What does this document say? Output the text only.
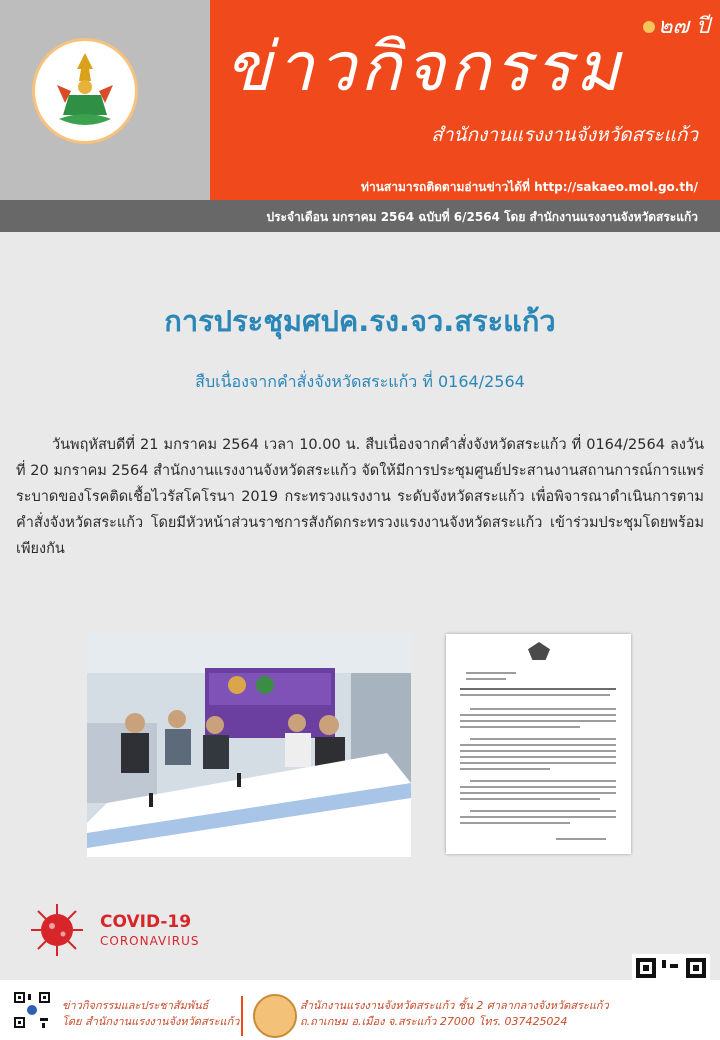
๒๗ ปี
ข่าวกิจกรรม
สำนักงานแรงงานจังหวัดสระแก้ว
ท่านสามารถติดตามอ่านข่าวได้ที่ http://sakaeo.mol.go.th/
ประจำเดือน มกราคม 2564 ฉบับที่ 6/2564 โดย สำนักงานแรงงานจังหวัดสระแก้ว
การประชุมศปค.รง.จว.สระแก้ว
สืบเนื่องจากคำสั่งจังหวัดสระแก้ว ที่ 0164/2564

วันพฤหัสบดีที่ 21 มกราคม 2564 เวลา 10.00 น. สืบเนื่องจากคำสั่งจังหวัดสระแก้ว ที่ 0164/2564 ลงวันที่ 20 มกราคม 2564 สำนักงานแรงงานจังหวัดสระแก้ว จัดให้มีการประชุมศูนย์ประสานงานสถานการณ์การแพร่ระบาดของโรคติดเชื้อไวรัสโคโรนา 2019 กระทรวงแรงงาน ระดับจังหวัดสระแก้ว เพื่อพิจารณาดำเนินการตามคำสั่งจังหวัดสระแก้ว โดยมีหัวหน้าส่วนราชการสังกัดกระทรวงแรงงานจังหวัดสระแก้ว เข้าร่วมประชุมโดยพร้อมเพียงกัน

COVID-19
CORONAVIRUS
ข่าวกิจกรรมและประชาสัมพันธ์
โดย สำนักงานแรงงานจังหวัดสระแก้ว
สำนักงานแรงงานจังหวัดสระแก้ว ชั้น 2 ศาลากลางจังหวัดสระแก้ว
ถ.ถาเกษม อ.เมือง จ.สระแก้ว 27000 โทร. 037425024
